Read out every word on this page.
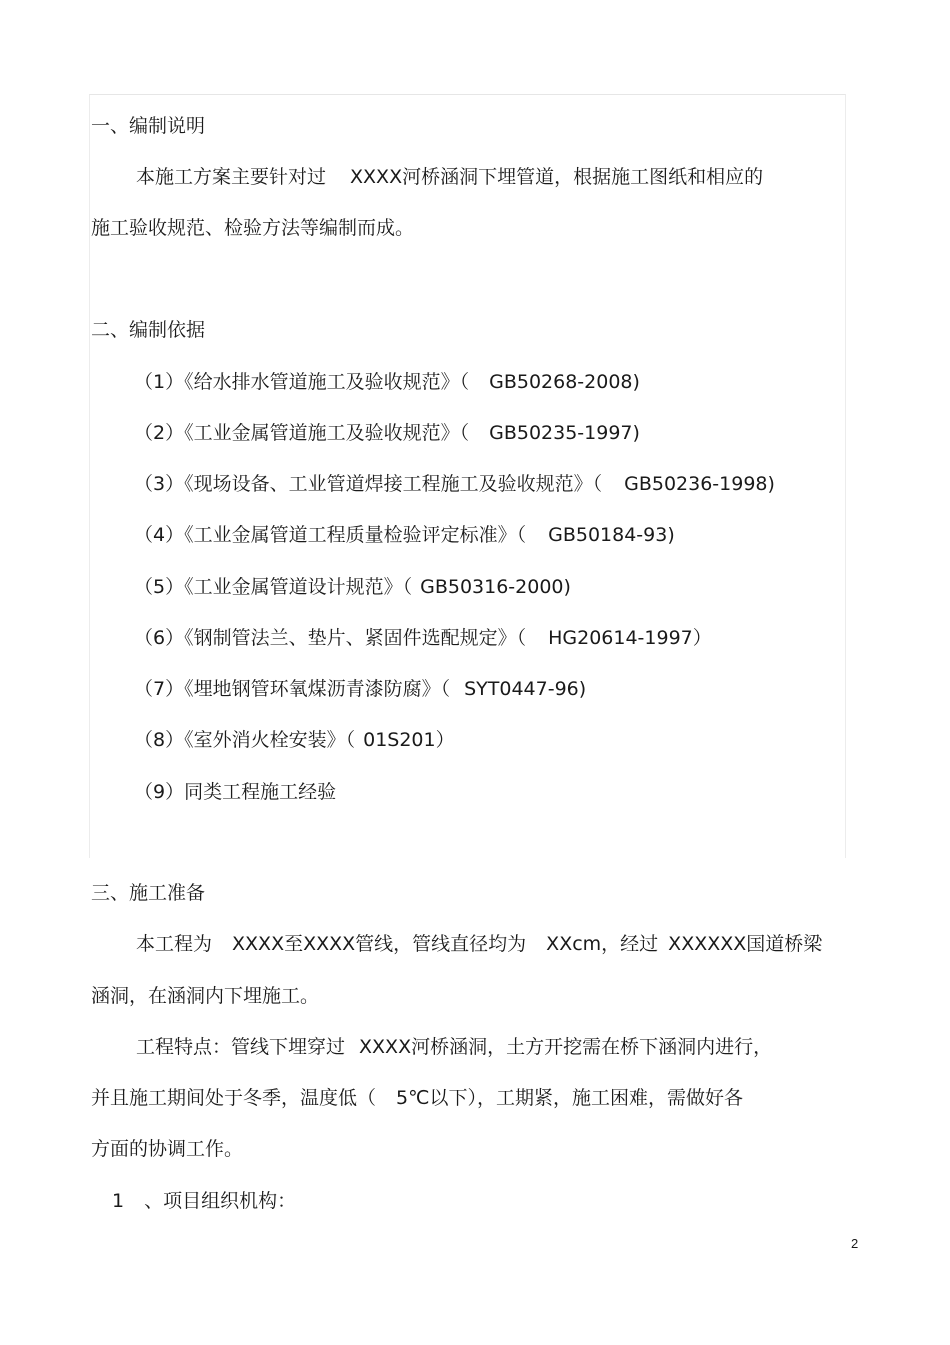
一、编制说明
本施工方案主要针对过 XXXX河桥涵洞下埋管道，根据施工图纸和相应的
施工验收规范、检验方法等编制而成。
二、编制依据
（1）《给水排水管道施工及验收规范》（ GB50268-2008)
（2）《工业金属管道施工及验收规范》（ GB50235-1997)
（3）《现场设备、工业管道焊接工程施工及验收规范》（ GB50236-1998)
（4）《工业金属管道工程质量检验评定标准》（ GB50184-93)
（5）《工业金属管道设计规范》（ GB50316-2000)
（6）《钢制管法兰、垫片、紧固件选配规定》（ HG20614-1997）
（7）《埋地钢管环氧煤沥青漆防腐》（ SYT0447-96)
（8）《室外消火栓安装》（ 01S201）
（9）同类工程施工经验
三、施工准备
本工程为 XXXX至XXXX管线，管线直径均为 XXcm，经过 XXXXXX国道桥梁
涵洞，在涵洞内下埋施工。
工程特点：管线下埋穿过 XXXX河桥涵洞，土方开挖需在桥下涵洞内进行，
并且施工期间处于冬季，温度低（ 5℃以下），工期紧，施工困难，需做好各
方面的协调工作。
1 、项目组织机构：
2
